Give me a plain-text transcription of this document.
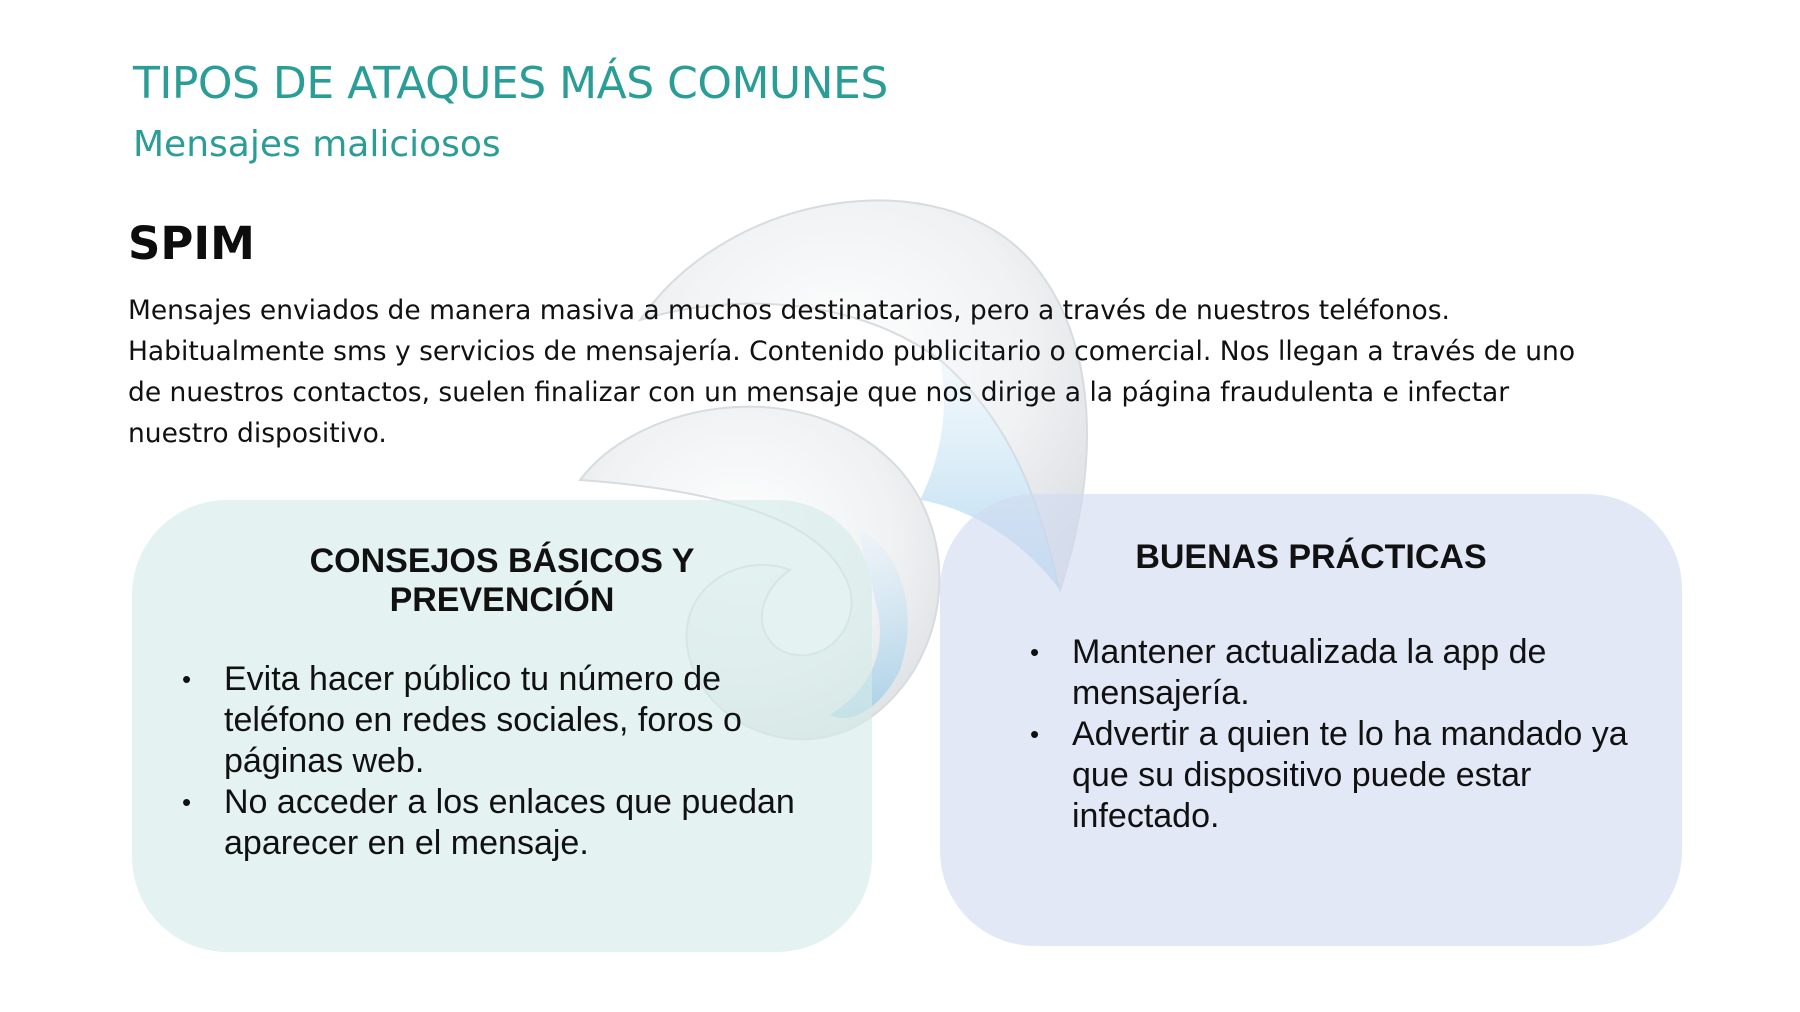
TIPOS DE ATAQUES MÁS COMUNES
Mensajes maliciosos
SPIM

Mensajes enviados de manera masiva a muchos destinatarios, pero a través de nuestros teléfonos.
Habitualmente sms y servicios de mensajería. Contenido publicitario o comercial. Nos llegan a través de uno
de nuestros contactos, suelen finalizar con un mensaje que nos dirige a la página fraudulenta e infectar
nuestro dispositivo.

CONSEJOS BÁSICOS Y
PREVENCIÓN
• Evita hacer público tu número de
teléfono en redes sociales, foros o
páginas web.
• No acceder a los enlaces que puedan
aparecer en el mensaje.
BUENAS PRÁCTICAS
• Mantener actualizada la app de
mensajería.
• Advertir a quien te lo ha mandado ya
que su dispositivo puede estar
infectado.
